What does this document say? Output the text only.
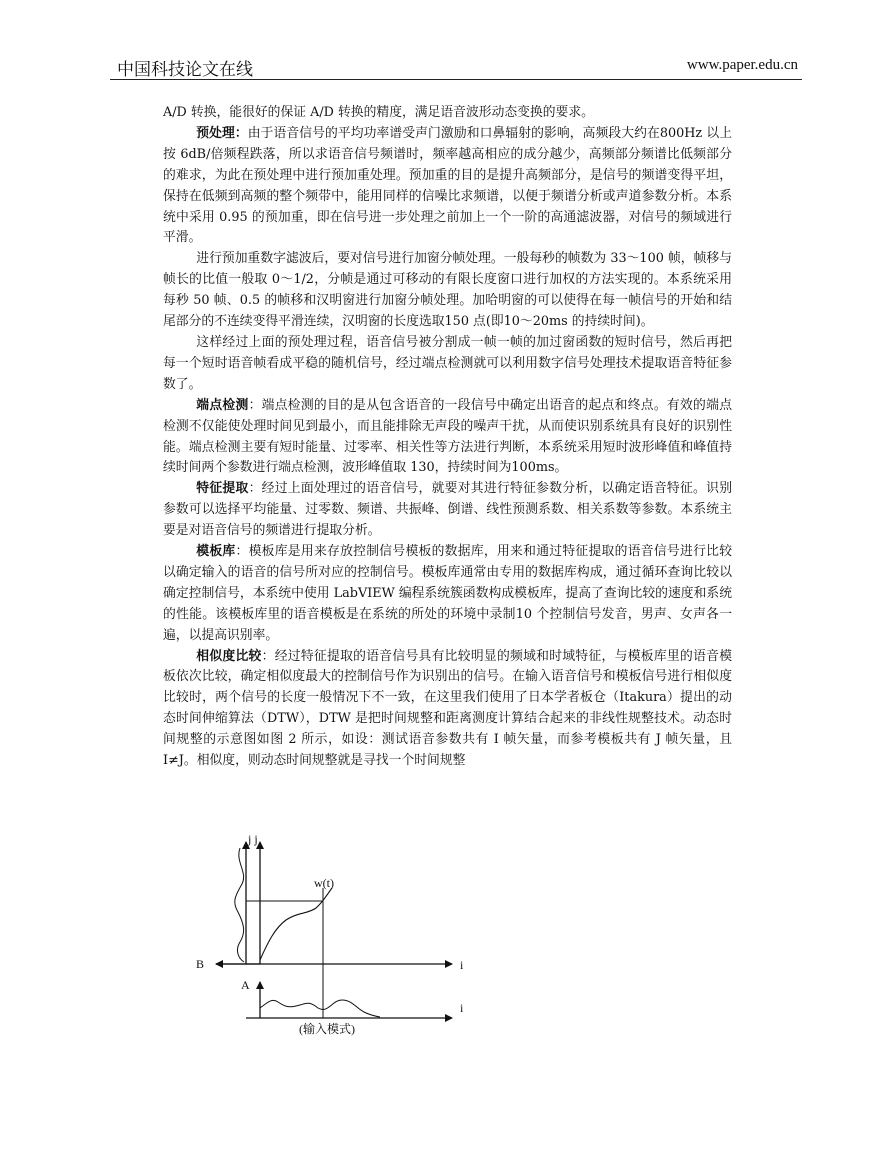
中国科技论文在线	www.paper.edu.cn

A/D 转换，能很好的保证 A/D 转换的精度，满足语音波形动态变换的要求。

预处理：由于语音信号的平均功率谱受声门激励和口鼻辐射的影响，高频段大约在800Hz 以上按 6dB/倍频程跌落，所以求语音信号频谱时，频率越高相应的成分越少，高频部分频谱比低频部分的难求，为此在预处理中进行预加重处理。预加重的目的是提升高频部分，是信号的频谱变得平坦，保持在低频到高频的整个频带中，能用同样的信噪比求频谱，以便于频谱分析或声道参数分析。本系统中采用 0.95 的预加重，即在信号进一步处理之前加上一个一阶的高通滤波器，对信号的频域进行平滑。

进行预加重数字滤波后，要对信号进行加窗分帧处理。一般每秒的帧数为 33～100 帧，帧移与帧长的比值一般取 0～1/2，分帧是通过可移动的有限长度窗口进行加权的方法实现的。本系统采用每秒 50 帧、0.5 的帧移和汉明窗进行加窗分帧处理。加哈明窗的可以使得在每一帧信号的开始和结尾部分的不连续变得平滑连续，汉明窗的长度选取150 点(即10～20ms 的持续时间)。

这样经过上面的预处理过程，语音信号被分割成一帧一帧的加过窗函数的短时信号，然后再把每一个短时语音帧看成平稳的随机信号，经过端点检测就可以利用数字信号处理技术提取语音特征参数了。

端点检测：端点检测的目的是从包含语音的一段信号中确定出语音的起点和终点。有效的端点检测不仅能使处理时间见到最小，而且能排除无声段的噪声干扰，从而使识别系统具有良好的识别性能。端点检测主要有短时能量、过零率、相关性等方法进行判断，本系统采用短时波形峰值和峰值持续时间两个参数进行端点检测，波形峰值取 130，持续时间为100ms。

特征提取：经过上面处理过的语音信号，就要对其进行特征参数分析，以确定语音特征。识别参数可以选择平均能量、过零数、频谱、共振峰、倒谱、线性预测系数、相关系数等参数。本系统主要是对语音信号的频谱进行提取分析。

模板库：模板库是用来存放控制信号模板的数据库，用来和通过特征提取的语音信号进行比较以确定输入的语音的信号所对应的控制信号。模板库通常由专用的数据库构成，通过循环查询比较以确定控制信号，本系统中使用 LabVIEW 编程系统簇函数构成模板库，提高了查询比较的速度和系统的性能。该模板库里的语音模板是在系统的所处的环境中录制10 个控制信号发音，男声、女声各一遍，以提高识别率。

相似度比较：经过特征提取的语音信号具有比较明显的频域和时域特征，与模板库里的语音模板依次比较，确定相似度最大的控制信号作为识别出的信号。在输入语音信号和模板信号进行相似度比较时，两个信号的长度一般情况下不一致，在这里我们使用了日本学者板仓（Itakura）提出的动态时间伸缩算法（DTW），DTW 是把时间规整和距离测度计算结合起来的非线性规整技术。动态时间规整的示意图如图 2 所示，如设：测试语音参数共有 I 帧矢量，而参考模板共有 J 帧矢量，且 I≠J。相似度，则动态时间规整就是寻找一个时间规整

j j
w(t)
B	i
A
i
(输入模式)
